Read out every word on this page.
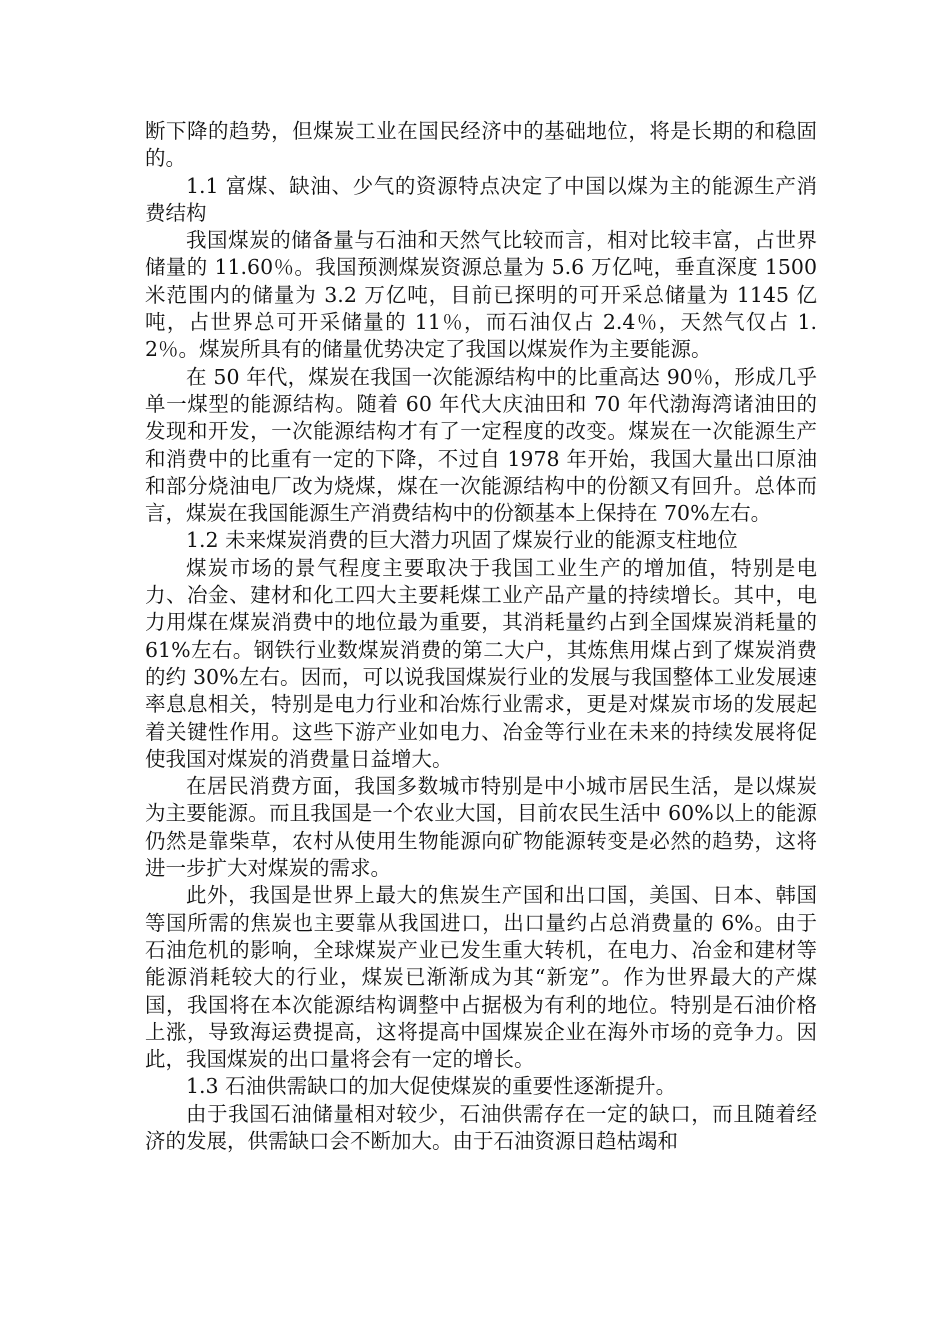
断下降的趋势，但煤炭工业在国民经济中的基础地位，将是长期的和稳固的。

1.1 富煤、缺油、少气的资源特点决定了中国以煤为主的能源生产消费结构

我国煤炭的储备量与石油和天然气比较而言，相对比较丰富，占世界储量的 11.60％。我国预测煤炭资源总量为 5.6 万亿吨，垂直深度 1500 米范围内的储量为 3.2 万亿吨，目前已探明的可开采总储量为 1145 亿吨，占世界总可开采储量的 11％，而石油仅占 2.4％，天然气仅占 1.2％。煤炭所具有的储量优势决定了我国以煤炭作为主要能源。

在 50 年代，煤炭在我国一次能源结构中的比重高达 90％，形成几乎单一煤型的能源结构。随着 60 年代大庆油田和 70 年代渤海湾诸油田的发现和开发，一次能源结构才有了一定程度的改变。煤炭在一次能源生产和消费中的比重有一定的下降，不过自 1978 年开始，我国大量出口原油和部分烧油电厂改为烧煤，煤在一次能源结构中的份额又有回升。总体而言，煤炭在我国能源生产消费结构中的份额基本上保持在 70%左右。

1.2 未来煤炭消费的巨大潜力巩固了煤炭行业的能源支柱地位

煤炭市场的景气程度主要取决于我国工业生产的增加值，特别是电力、冶金、建材和化工四大主要耗煤工业产品产量的持续增长。其中，电力用煤在煤炭消费中的地位最为重要，其消耗量约占到全国煤炭消耗量的 61%左右。钢铁行业数煤炭消费的第二大户，其炼焦用煤占到了煤炭消费的约 30%左右。因而，可以说我国煤炭行业的发展与我国整体工业发展速率息息相关，特别是电力行业和冶炼行业需求，更是对煤炭市场的发展起着关键性作用。这些下游产业如电力、冶金等行业在未来的持续发展将促使我国对煤炭的消费量日益增大。

在居民消费方面，我国多数城市特别是中小城市居民生活，是以煤炭为主要能源。而且我国是一个农业大国，目前农民生活中 60%以上的能源仍然是靠柴草，农村从使用生物能源向矿物能源转变是必然的趋势，这将进一步扩大对煤炭的需求。

此外，我国是世界上最大的焦炭生产国和出口国，美国、日本、韩国等国所需的焦炭也主要靠从我国进口，出口量约占总消费量的 6%。由于石油危机的影响，全球煤炭产业已发生重大转机，在电力、冶金和建材等能源消耗较大的行业，煤炭已渐渐成为其“新宠”。作为世界最大的产煤国，我国将在本次能源结构调整中占据极为有利的地位。特别是石油价格上涨，导致海运费提高，这将提高中国煤炭企业在海外市场的竞争力。因此，我国煤炭的出口量将会有一定的增长。

1.3 石油供需缺口的加大促使煤炭的重要性逐渐提升。

由于我国石油储量相对较少，石油供需存在一定的缺口，而且随着经济的发展，供需缺口会不断加大。由于石油资源日趋枯竭和
